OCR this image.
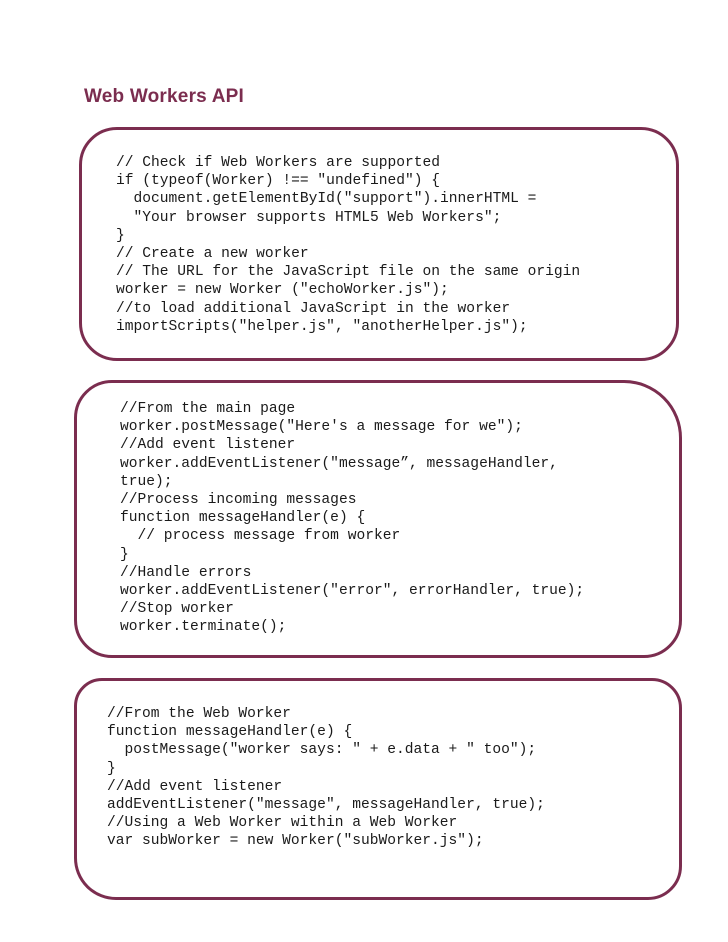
Web Workers API
// Check if Web Workers are supported
if (typeof(Worker) !== "undefined") {
document.getElementById("support").innerHTML =
"Your browser supports HTML5 Web Workers";
}
// Create a new worker
// The URL for the JavaScript file on the same origin
worker = new Worker ("echoWorker.js");
//to load additional JavaScript in the worker
importScripts("helper.js", "anotherHelper.js");
//From the main page
worker.postMessage("Here's a message for we");
//Add event listener
worker.addEventListener("message”, messageHandler,
true);
//Process incoming messages
function messageHandler(e) {
// process message from worker
}
//Handle errors
worker.addEventListener("error", errorHandler, true);
//Stop worker
worker.terminate();
//From the Web Worker
function messageHandler(e) {
postMessage("worker says: " + e.data + " too");
}
//Add event listener
addEventListener("message", messageHandler, true);
//Using a Web Worker within a Web Worker
var subWorker = new Worker("subWorker.js");
